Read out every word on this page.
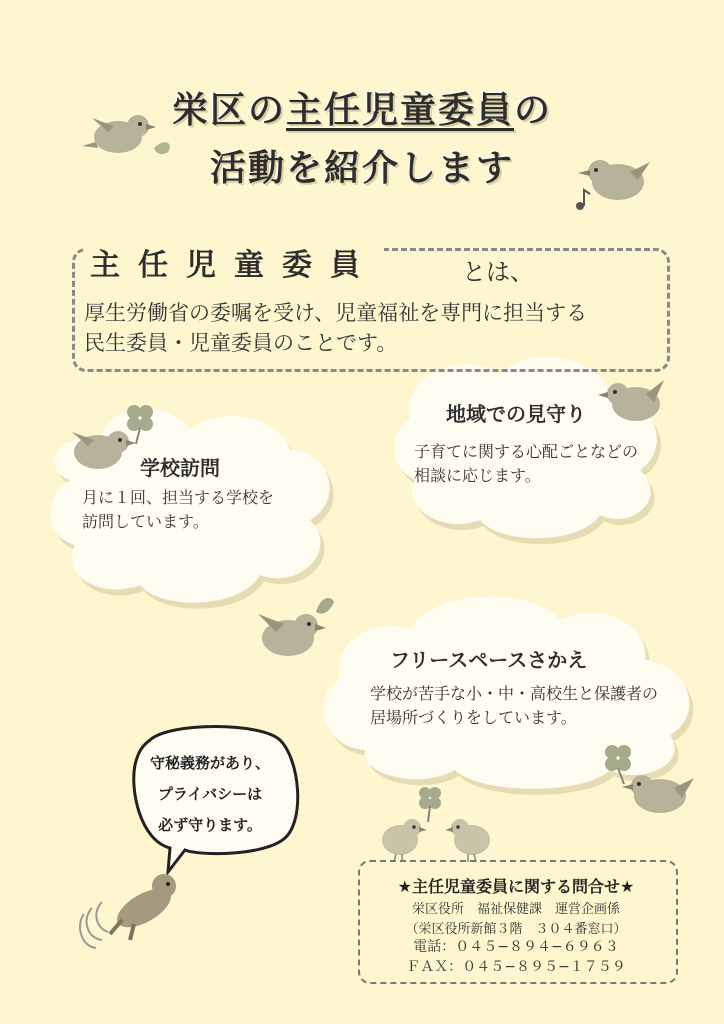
栄区の主任児童委員の
活動を紹介します
主任児童委員	とは、
厚生労働省の委嘱を受け、児童福祉を専門に担当する
民生委員・児童委員のことです。
学校訪問
月に１回、担当する学校を
訪問しています。
地域での見守り
子育てに関する心配ごとなどの
相談に応じます。
フリースペースさかえ
学校が苦手な小・中・高校生と保護者の
居場所づくりをしています。
守秘義務があり、
プライバシーは
必ず守ります。
★主任児童委員に関する問合せ★
栄区役所　福祉保健課　運営企画係
（栄区役所新館３階　３０４番窓口）
電話：０４５−８９４−６９６３
ＦＡＸ：０４５−８９５−１７５９
